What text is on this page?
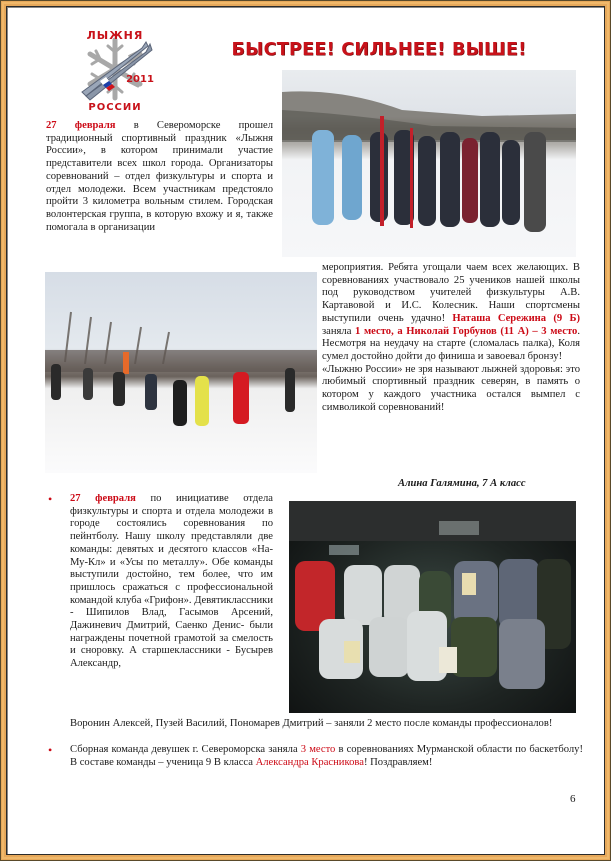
ЛЫЖНЯ
2011
РОССИИ
БЫСТРЕЕ! СИЛЬНЕЕ! ВЫШЕ!
27 февраля в Североморске прошел традиционный спортивный праздник «Лыжня России», в котором принимали участие представители всех школ города. Организаторы соревнований – отдел физкультуры и спорта и отдел молодежи. Всем участникам предстояло пройти 3 километра вольным стилем. Городская волонтерская группа, в которую вхожу и я, также помогала в организации
мероприятия. Ребята угощали чаем всех желающих. В соревнованиях участвовало 25 учеников нашей школы под руководством учителей физкультуры А.В. Картавовой и И.С. Колесник. Наши спортсмены выступили очень удачно! Наташа Сережина (9 Б) заняла 1 место, а Николай Горбунов (11 А) – 3 место. Несмотря на неудачу на старте (сломалась палка), Коля сумел достойно дойти до финиша и завоевал бронзу!
«Лыжню России» не зря называют лыжней здоровья: это любимый спортивный праздник северян, в память о котором у каждого участника остался вымпел с символикой соревнований!
Алина Галямина, 7 А класс
• 27 февраля по инициативе отдела физкультуры и спорта и отдела молодежи в городе состоялись соревнования по пейнтболу. Нашу школу представляли две команды: девятых и десятого классов «На-Му-Кл» и «Усы по металлу». Обе команды выступили достойно, тем более, что им пришлось сражаться с профессиональной командой клуба «Грифон». Девятиклассники - Шипилов Влад, Гасымов Арсений, Дажиневич Дмитрий, Саенко Денис- были награждены почетной грамотой за смелость и сноровку. А старшеклассники - Бусырев Александр,
Воронин Алексей, Пузей Василий, Пономарев Дмитрий – заняли 2 место после команды профессионалов!
• Сборная команда девушек г. Североморска заняла 3 место в соревнованиях Мурманской области по баскетболу! В составе команды – ученица 9 В класса Александра Красникова! Поздравляем!
6
